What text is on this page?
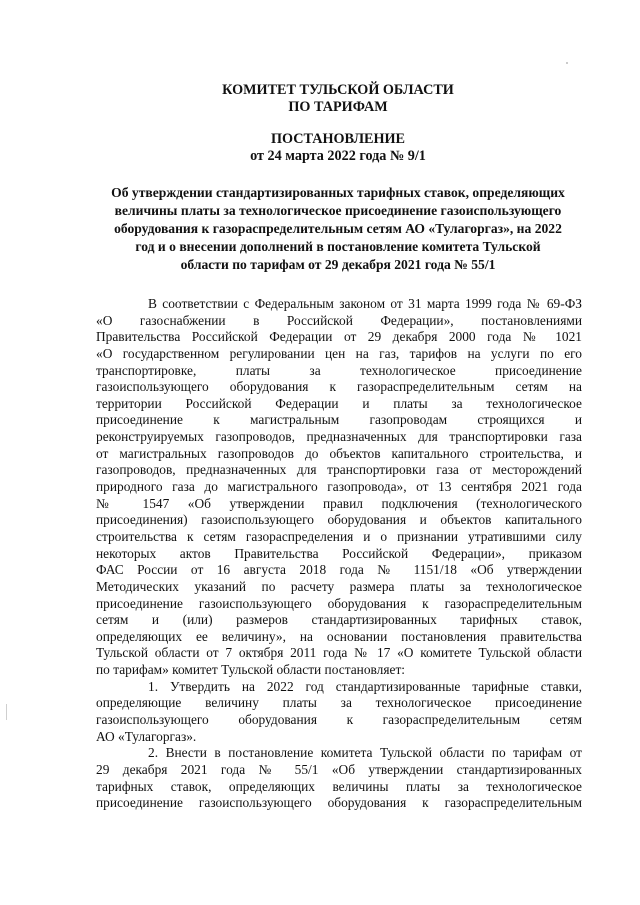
КОМИТЕТ ТУЛЬСКОЙ ОБЛАСТИ
ПО ТАРИФАМ
ПОСТАНОВЛЕНИЕ
от 24 марта 2022 года № 9/1
Об утверждении стандартизированных тарифных ставок, определяющих
величины платы за технологическое присоединение газоиспользующего
оборудования к газораспределительным сетям АО «Тулагоргаз», на 2022
год и о внесении дополнений в постановление комитета Тульской
области по тарифам от 29 декабря 2021 года № 55/1
В соответствии с Федеральным законом от 31 марта 1999 года № 69-ФЗ
«О газоснабжении в Российской Федерации», постановлениями
Правительства Российской Федерации от 29 декабря 2000 года № 1021
«О государственном регулировании цен на газ, тарифов на услуги по его
транспортировке, платы за технологическое присоединение
газоиспользующего оборудования к газораспределительным сетям на
территории Российской Федерации и платы за технологическое
присоединение к магистральным газопроводам строящихся и
реконструируемых газопроводов, предназначенных для транспортировки газа
от магистральных газопроводов до объектов капитального строительства, и
газопроводов, предназначенных для транспортировки газа от месторождений
природного газа до магистрального газопровода», от 13 сентября 2021 года
№ 1547 «Об утверждении правил подключения (технологического
присоединения) газоиспользующего оборудования и объектов капитального
строительства к сетям газораспределения и о признании утратившими силу
некоторых актов Правительства Российской Федерации», приказом
ФАС России от 16 августа 2018 года № 1151/18 «Об утверждении
Методических указаний по расчету размера платы за технологическое
присоединение газоиспользующего оборудования к газораспределительным
сетям и (или) размеров стандартизированных тарифных ставок,
определяющих ее величину», на основании постановления правительства
Тульской области от 7 октября 2011 года № 17 «О комитете Тульской области
по тарифам» комитет Тульской области постановляет:
1. Утвердить на 2022 год стандартизированные тарифные ставки,
определяющие величину платы за технологическое присоединение
газоиспользующего оборудования к газораспределительным сетям
АО «Тулагоргаз».
2. Внести в постановление комитета Тульской области по тарифам от
29 декабря 2021 года № 55/1 «Об утверждении стандартизированных
тарифных ставок, определяющих величины платы за технологическое
присоединение газоиспользующего оборудования к газораспределительным
